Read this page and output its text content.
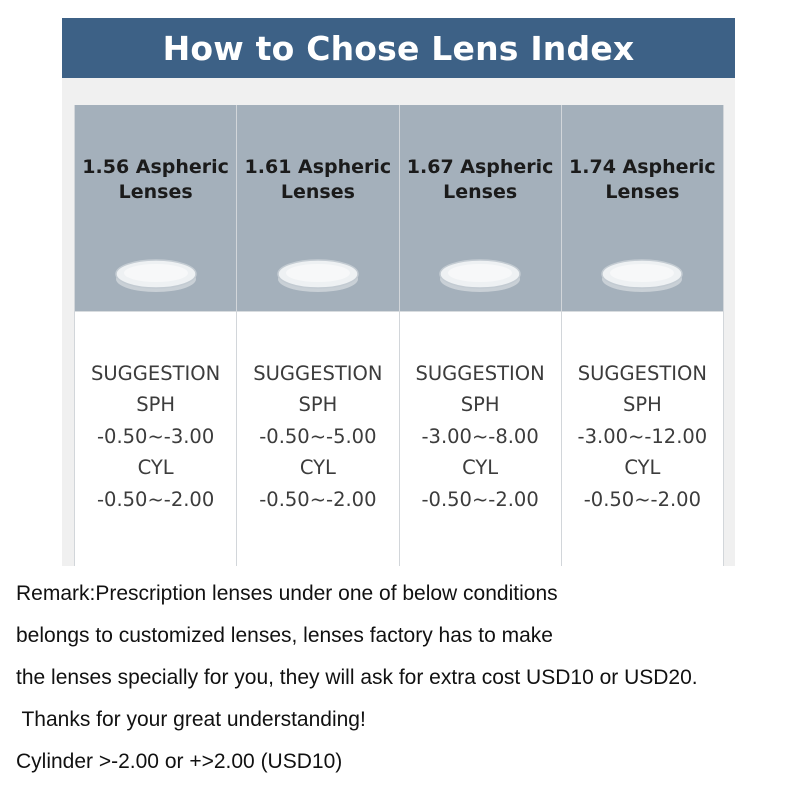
How to Chose Lens Index
1.56 Aspheric
Lenses
SUGGESTION
SPH
-0.50~-3.00
CYL
-0.50~-2.00
1.61 Aspheric
Lenses
SUGGESTION
SPH
-0.50~-5.00
CYL
-0.50~-2.00
1.67 Aspheric
Lenses
SUGGESTION
SPH
-3.00~-8.00
CYL
-0.50~-2.00
1.74 Aspheric
Lenses
SUGGESTION
SPH
-3.00~-12.00
CYL
-0.50~-2.00
Remark:Prescription lenses under one of below conditions
belongs to customized lenses, lenses factory has to make
the lenses specially for you, they will ask for extra cost USD10 or USD20.
Thanks for your great understanding!
Cylinder >-2.00 or +>2.00 (USD10)
